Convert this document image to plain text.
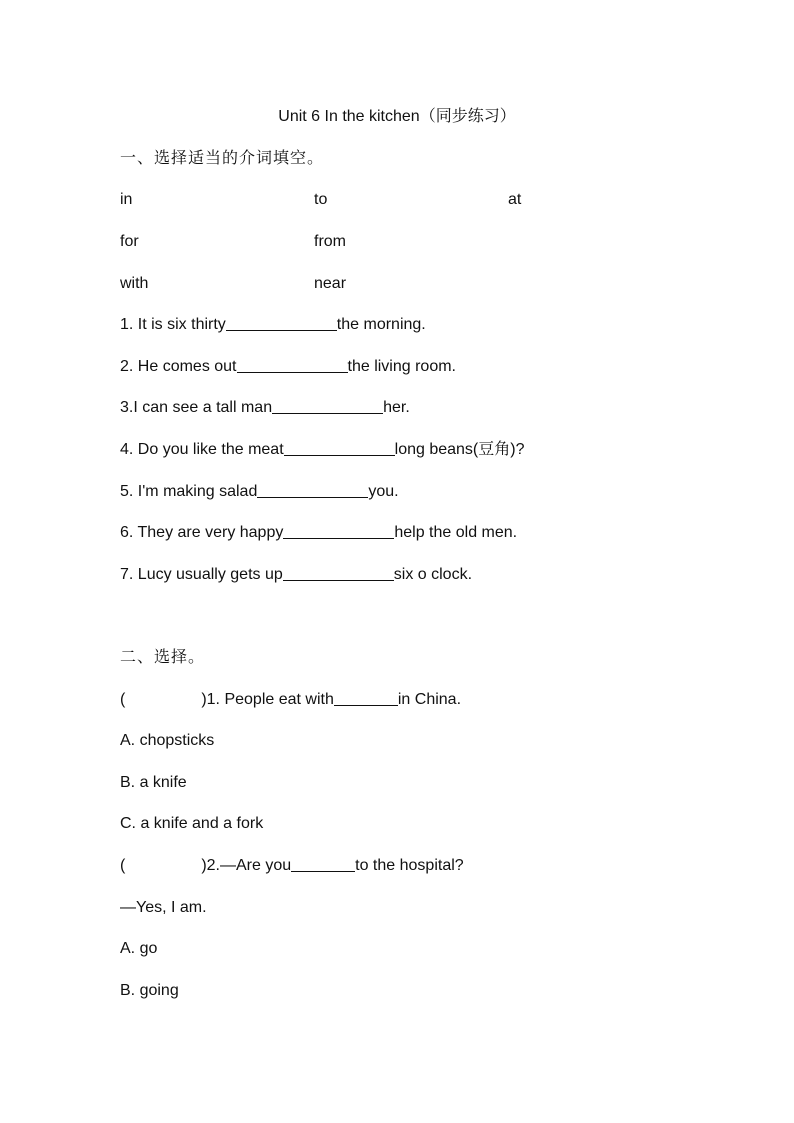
Unit 6 In the kitchen（同步练习）
一、选择适当的介词填空。
in	to	at
for	from
with	near
1. It is six thirty	the morning.
2. He comes out	the living room.
3.I can see a tall man	her.
4. Do you like the meat	long beans(豆角)?
5. I'm making salad	you.
6. They are very happy	help the old men.
7. Lucy usually gets up	six o clock.
二、选择。
(	)1. People eat with	in China.
A. chopsticks
B. a knife
C. a knife and a fork
(	)2.—Are you	to the hospital?
—Yes, I am.
A. go
B. going
